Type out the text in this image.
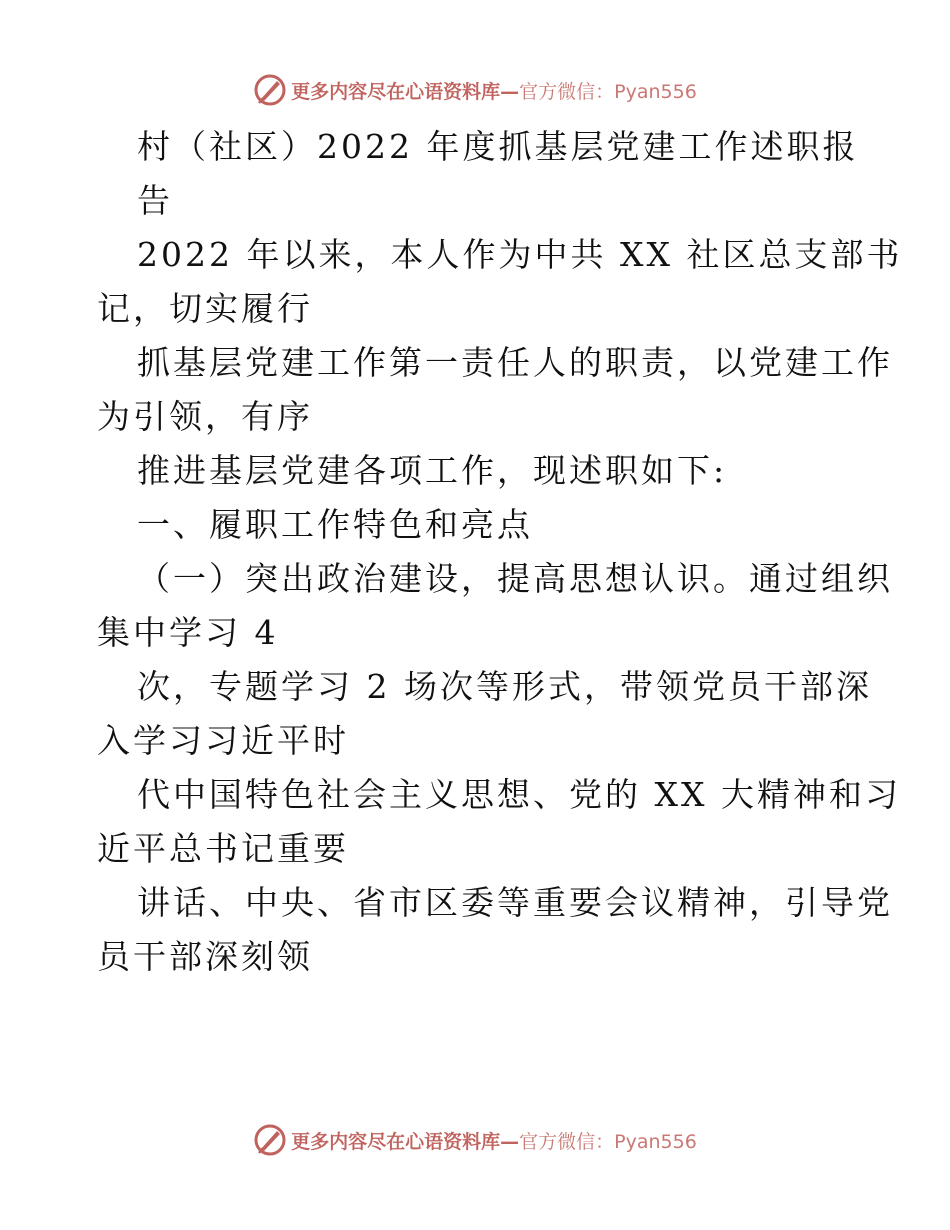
更多内容尽在心语资料库—官方微信：Pyan556
村（社区）2022 年度抓基层党建工作述职报
告
2022 年以来，本人作为中共 XX 社区总支部书
记，切实履行
抓基层党建工作第一责任人的职责，以党建工作
为引领，有序
推进基层党建各项工作，现述职如下:
一、履职工作特色和亮点
（一）突出政治建设，提高思想认识。通过组织
集中学习 4
次，专题学习 2 场次等形式，带领党员干部深
入学习习近平时
代中国特色社会主义思想、党的 XX 大精神和习
近平总书记重要
讲话、中央、省市区委等重要会议精神，引导党
员干部深刻领
更多内容尽在心语资料库—官方微信：Pyan556
